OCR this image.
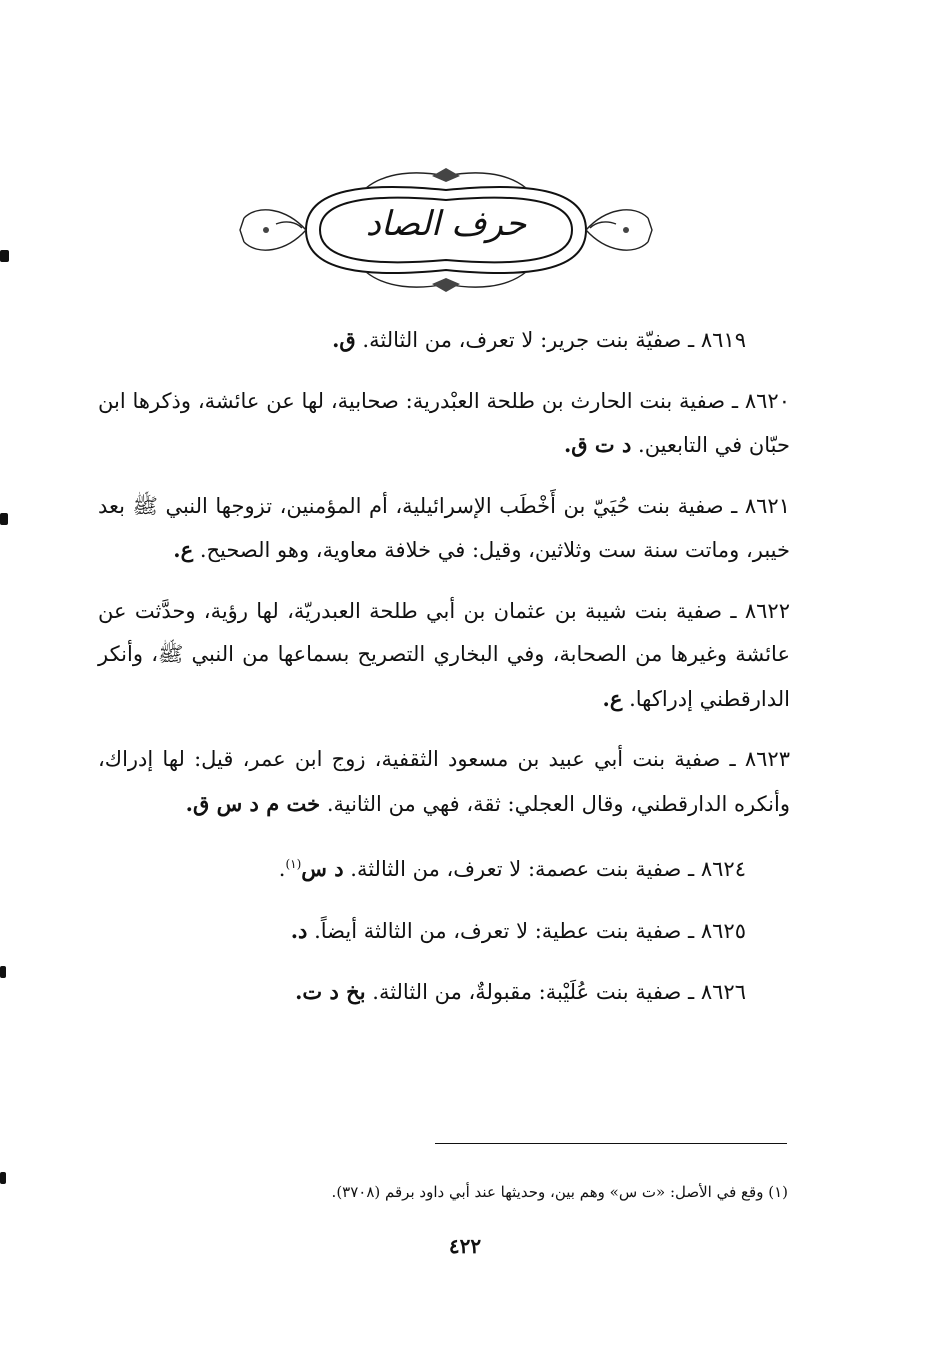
حرف الصاد

٨٦١٩ ـ صفيّة بنت جرير: لا تعرف، من الثالثة. ق.

٨٦٢٠ ـ صفية بنت الحارث بن طلحة العبْدرية: صحابية، لها عن عائشة، وذكرها ابن حبّان في التابعين. د ت ق.

٨٦٢١ ـ صفية بنت حُيَيّ بن أَخْطَب الإسرائيلية، أم المؤمنين، تزوجها النبي ﷺ بعد خيبر، وماتت سنة ست وثلاثين، وقيل: في خلافة معاوية، وهو الصحيح. ع.

٨٦٢٢ ـ صفية بنت شيبة بن عثمان بن أبي طلحة العبدريّة، لها رؤية، وحدَّثت عن عائشة وغيرها من الصحابة، وفي البخاري التصريح بسماعها من النبي ﷺ، وأنكر الدارقطني إدراكها. ع.

٨٦٢٣ ـ صفية بنت أبي عبيد بن مسعود الثقفية، زوج ابن عمر، قيل: لها إدراك، وأنكره الدارقطني، وقال العجلي: ثقة، فهي من الثانية. خت م د س ق.

٨٦٢٤ ـ صفية بنت عصمة: لا تعرف، من الثالثة. د س$^{(١)}$.

٨٦٢٥ ـ صفية بنت عطية: لا تعرف، من الثالثة أيضاً. د.

٨٦٢٦ ـ صفية بنت عُلَيْبة: مقبولةٌ، من الثالثة. بخ د ت.

(١) وقع في الأصل: «ت س» وهم بين، وحديثها عند أبي داود برقم (٣٧٠٨).
٤٢٢
